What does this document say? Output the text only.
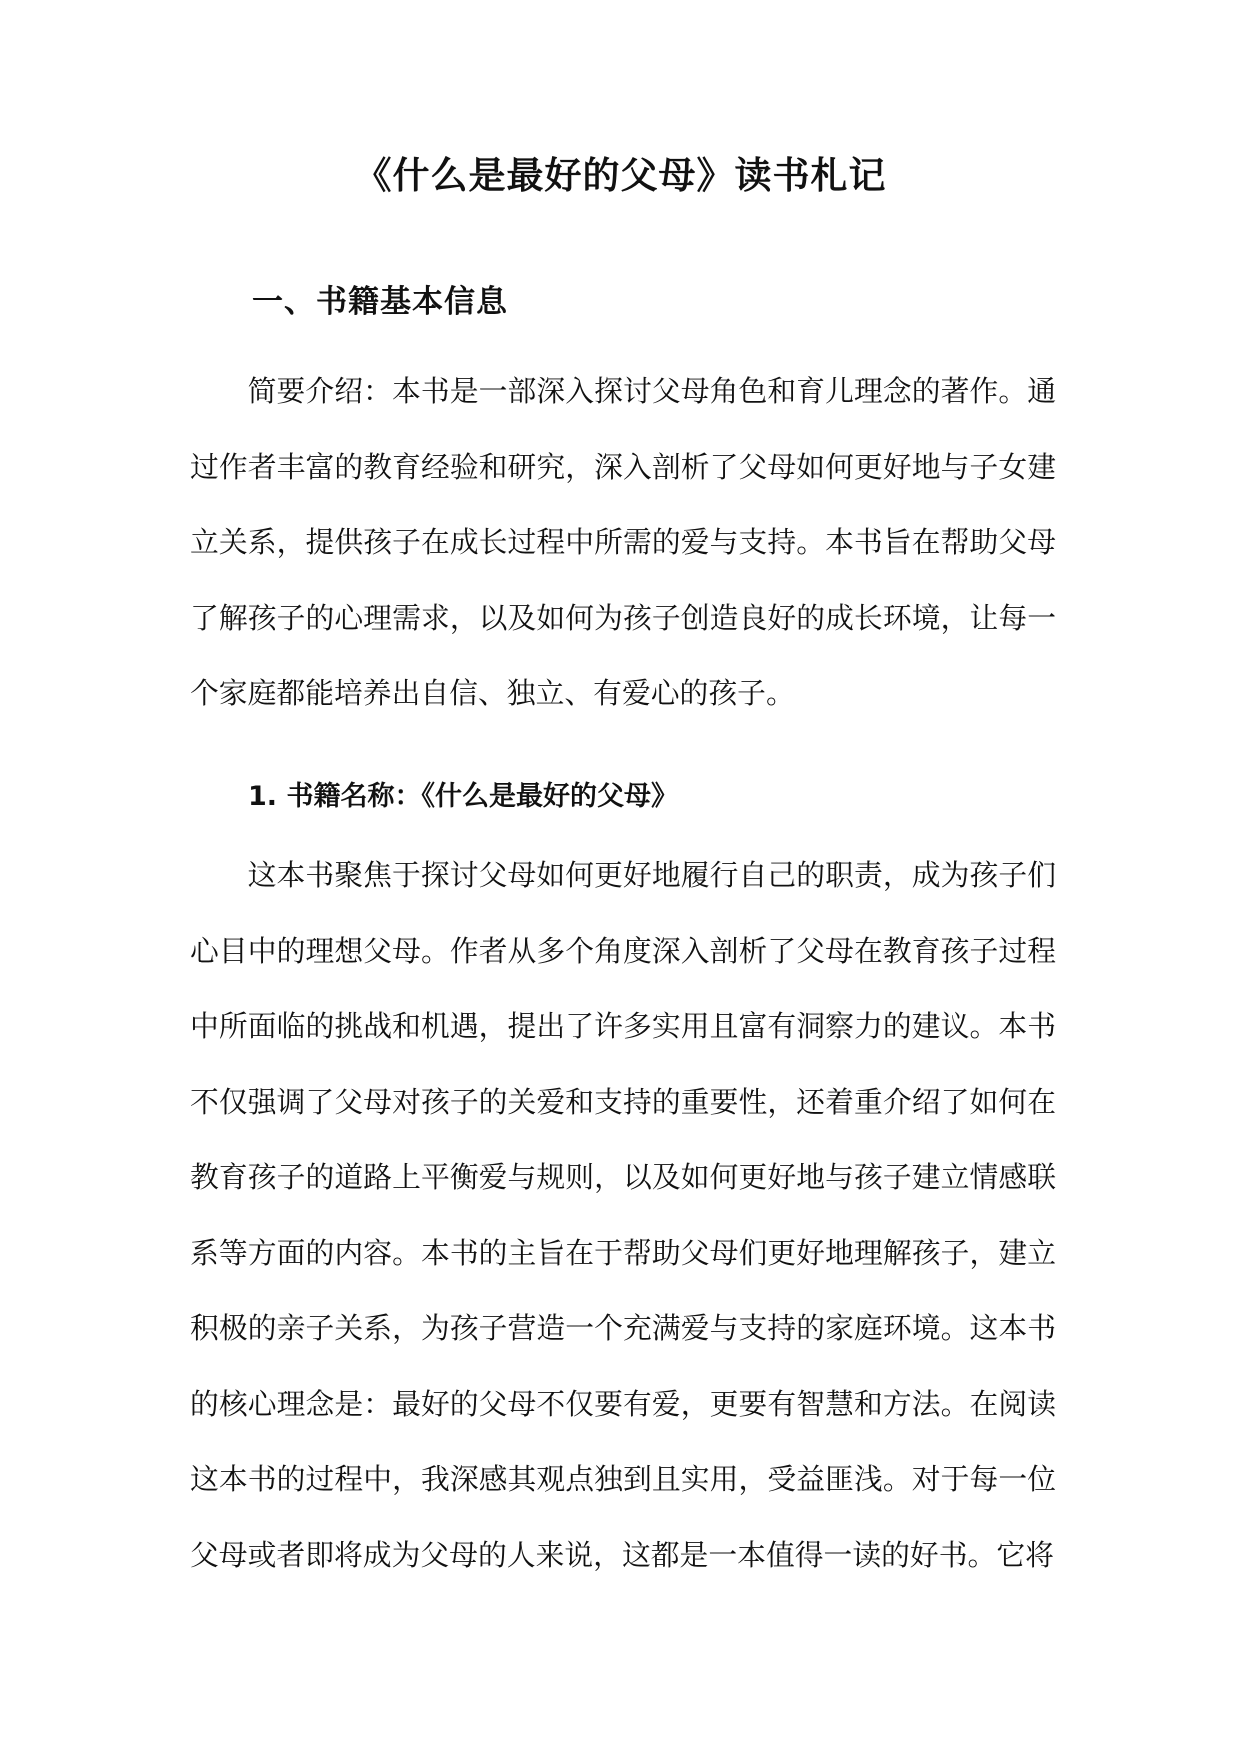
《什么是最好的父母》读书札记
一、书籍基本信息

简要介绍：本书是一部深入探讨父母角色和育儿理念的著作。通过作者丰富的教育经验和研究，深入剖析了父母如何更好地与子女建立关系，提供孩子在成长过程中所需的爱与支持。本书旨在帮助父母了解孩子的心理需求，以及如何为孩子创造良好的成长环境，让每一个家庭都能培养出自信、独立、有爱心的孩子。

1. 书籍名称：《什么是最好的父母》

这本书聚焦于探讨父母如何更好地履行自己的职责，成为孩子们心目中的理想父母。作者从多个角度深入剖析了父母在教育孩子过程中所面临的挑战和机遇，提出了许多实用且富有洞察力的建议。本书不仅强调了父母对孩子的关爱和支持的重要性，还着重介绍了如何在教育孩子的道路上平衡爱与规则，以及如何更好地与孩子建立情感联系等方面的内容。本书的主旨在于帮助父母们更好地理解孩子，建立积极的亲子关系，为孩子营造一个充满爱与支持的家庭环境。这本书的核心理念是：最好的父母不仅要有爱，更要有智慧和方法。在阅读这本书的过程中，我深感其观点独到且实用，受益匪浅。对于每一位父母或者即将成为父母的人来说，这都是一本值得一读的好书。它将
